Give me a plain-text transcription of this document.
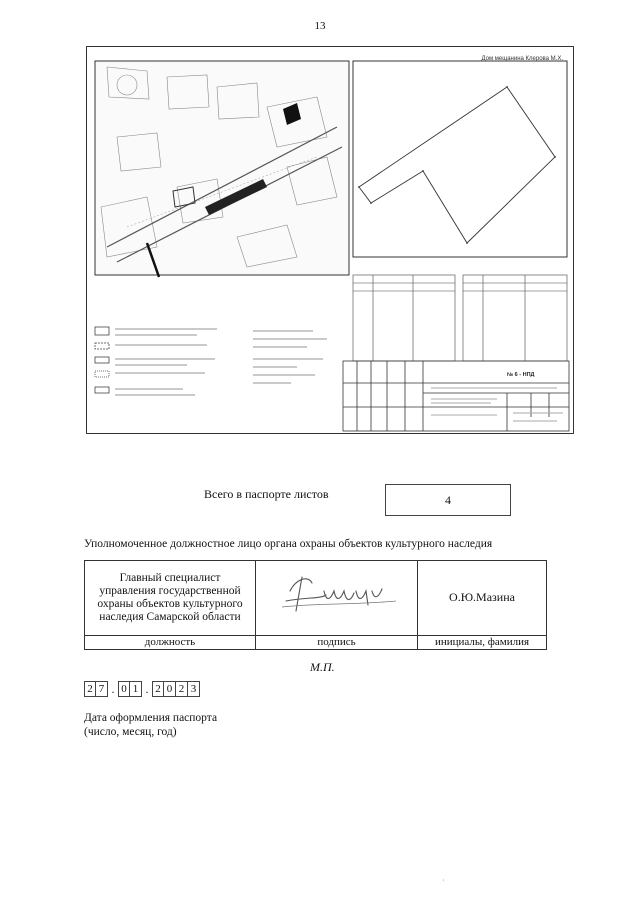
13
№ 6 - НПД
Дом мещанина Клерова М.Х.
Всего в паспорте листов	4
Уполномоченное должностное лицо органа охраны объектов культурного наследия
Главный специалист
управления государственной
охраны объектов культурного
наследия Самарской области		О.Ю.Мазина
должность	подпись	инициалы, фамилия
М.П.
2 7 . 0 1 . 2 0 2 3
Дата оформления паспорта
(число, месяц, год)
·
